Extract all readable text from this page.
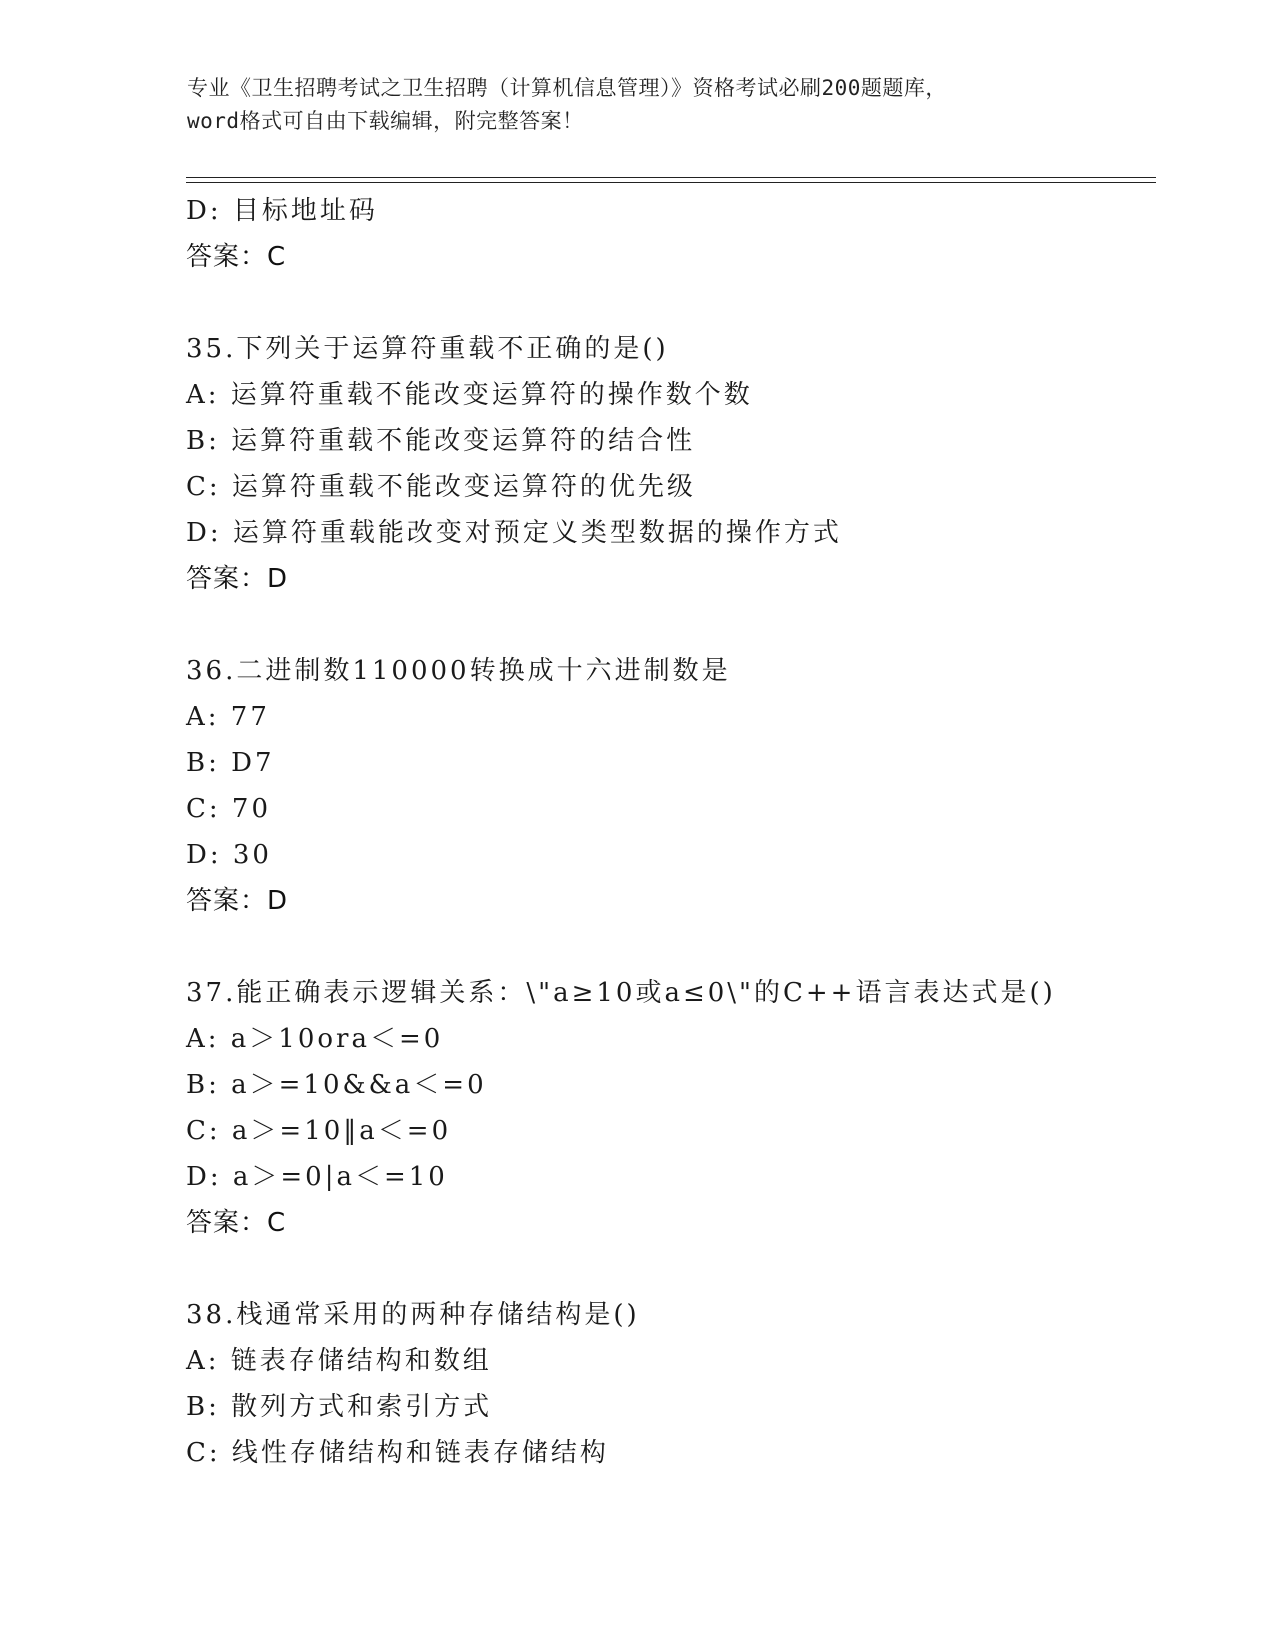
专业《卫生招聘考试之卫生招聘（计算机信息管理）》资格考试必刷200题题库，
word格式可自由下载编辑，附完整答案！
D: 目标地址码
答案：C
35.下列关于运算符重载不正确的是()
A: 运算符重载不能改变运算符的操作数个数
B: 运算符重载不能改变运算符的结合性
C: 运算符重载不能改变运算符的优先级
D: 运算符重载能改变对预定义类型数据的操作方式
答案：D
36.二进制数110000转换成十六进制数是
A: 77
B: D7
C: 70
D: 30
答案：D
37.能正确表示逻辑关系：\"a≥10或a≤0\"的C++语言表达式是()
A: a＞10ora＜=0
B: a＞=10&&a＜=0
C: a＞=10‖a＜=0
D: a＞=0|a＜=10
答案：C
38.栈通常采用的两种存储结构是()
A: 链表存储结构和数组
B: 散列方式和索引方式
C: 线性存储结构和链表存储结构
